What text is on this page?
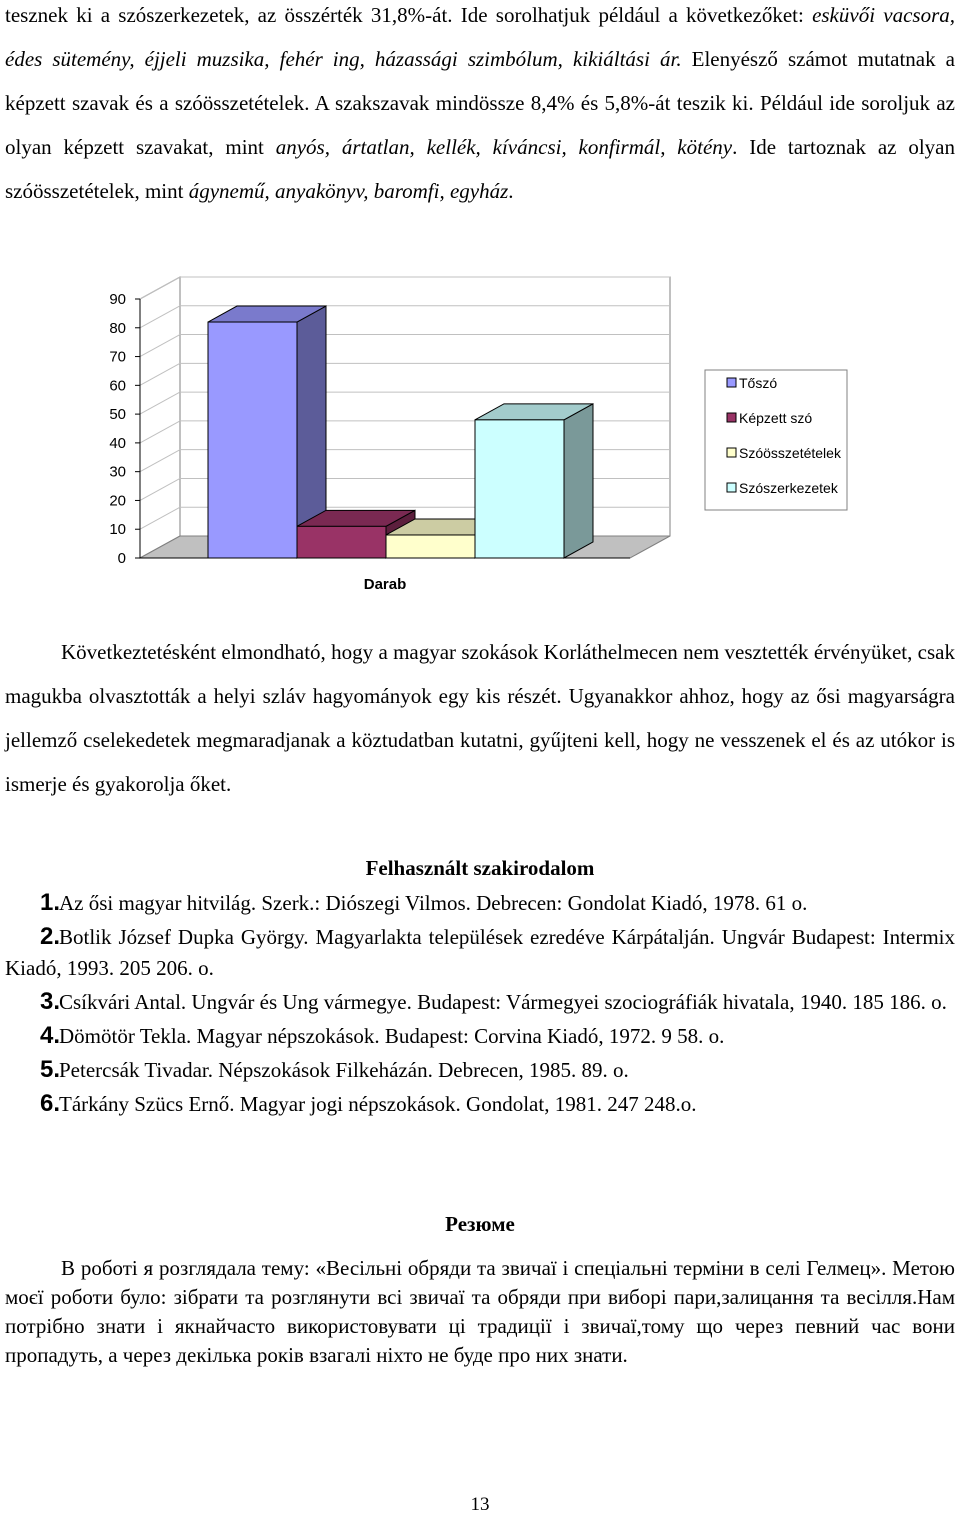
tesznek ki a szószerkezetek, az összérték 31,8%-át. Ide sorolhatjuk például a következőket: esküvői vacsora, édes sütemény, éjjeli muzsika, fehér ing, házassági szimbólum, kikiáltási ár. Elenyésző számot mutatnak a képzett szavak és a szóösszetételek. A szakszavak mindössze 8,4% és 5,8%-át teszik ki. Például ide soroljuk az olyan képzett szavakat, mint anyós, ártatlan, kellék, kíváncsi, konfirmál, kötény. Ide tartoznak az olyan szóösszetételek, mint ágynemű, anyakönyv, baromfi, egyház.

0
10
20
30
40
50
60
70
80
90
Darab
Tőszó
Képzett szó
Szóösszetételek
Szószerkezetek

Következtetésként elmondható, hogy a magyar szokások Korláthelmecen nem vesztették érvényüket, csak magukba olvasztották a helyi szláv hagyományok egy kis részét. Ugyanakkor ahhoz, hogy az ősi magyarságra jellemző cselekedetek megmaradjanak a köztudatban kutatni, gyűjteni kell, hogy ne vesszenek el és az utókor is ismerje és gyakorolja őket.

Felhasznált szakirodalom
1.Az ősi magyar hitvilág. Szerk.: Diószegi Vilmos. Debrecen: Gondolat Kiadó, 1978. 61 o.
2.Botlik József Dupka György. Magyarlakta települések ezredéve Kárpátalján. Ungvár Budapest: Intermix Kiadó, 1993. 205 206. o.
3.Csíkvári Antal. Ungvár és Ung vármegye. Budapest: Vármegyei szociográfiák hivatala, 1940. 185 186. o.
4.Dömötör Tekla. Magyar népszokások. Budapest: Corvina Kiadó, 1972. 9 58. o.
5.Petercsák Tivadar. Népszokások Filkeházán. Debrecen, 1985. 89. o.
6.Tárkány Szücs Ernő. Magyar jogi népszokások. Gondolat, 1981. 247 248.o.
Резюме

В роботі я розглядала тему: «Весільні обряди та звичаї і спеціальні терміни в селі Гелмец». Метою моєї роботи було: зібрати та розглянути всі звичаї та обряди при виборі пари,залицання та весілля.Нам потрібно знати і якнайчасто використовувати ці традиції і звичаї,тому що через певний час вони пропадуть, а через декілька років взагалі ніхто не буде про них знати.

13
